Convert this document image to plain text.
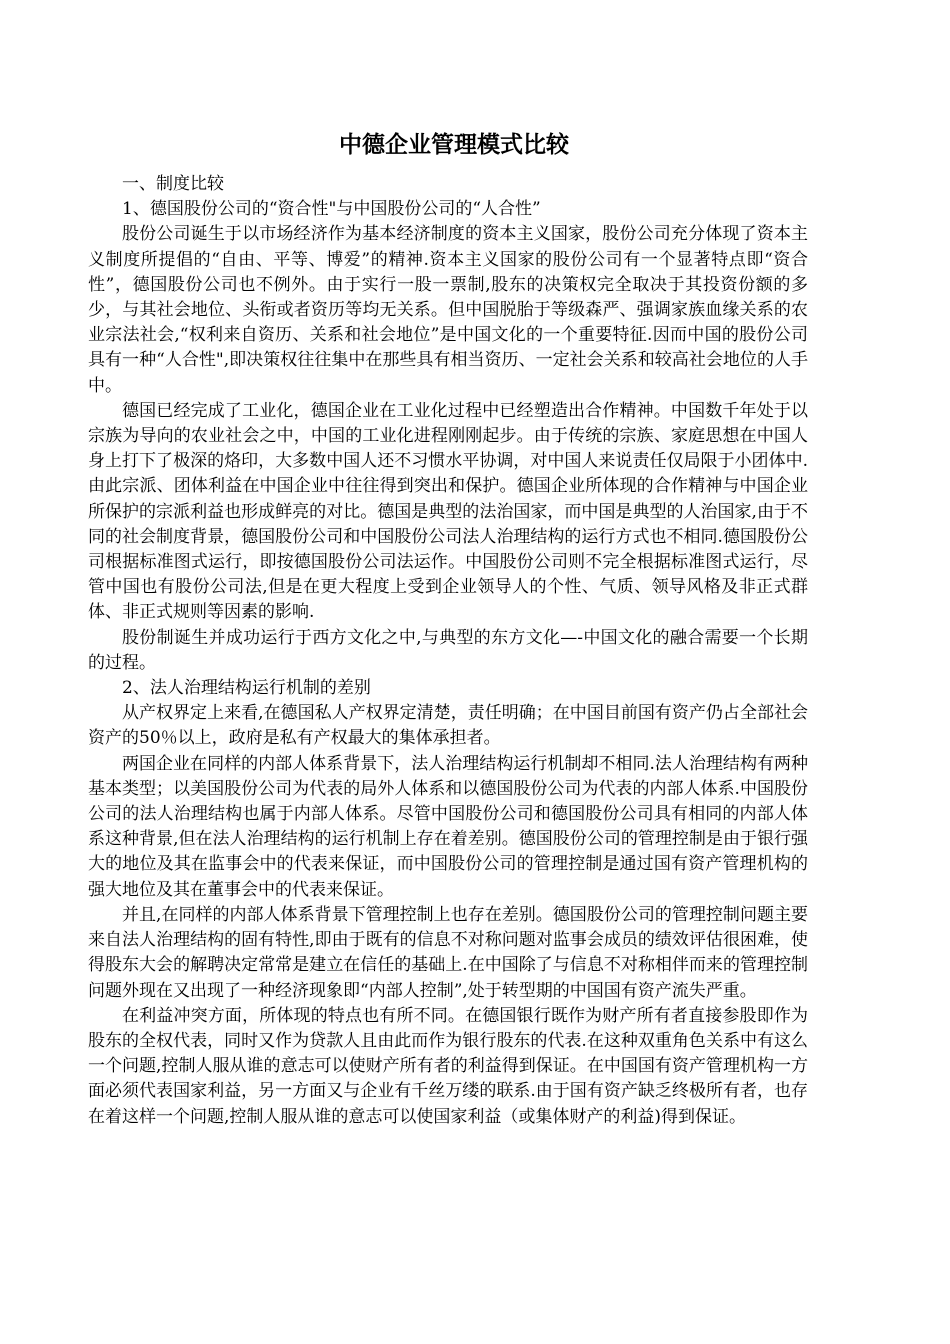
中德企业管理模式比较

一、制度比较

1、德国股份公司的“资合性"与中国股份公司的“人合性”

股份公司诞生于以市场经济作为基本经济制度的资本主义国家，股份公司充分体现了资本主义制度所提倡的“自由、平等、博爱”的精神.资本主义国家的股份公司有一个显著特点即“资合性”，德国股份公司也不例外。由于实行一股一票制,股东的决策权完全取决于其投资份额的多少，与其社会地位、头衔或者资历等均无关系。但中国脱胎于等级森严、强调家族血缘关系的农业宗法社会,“权利来自资历、关系和社会地位”是中国文化的一个重要特征.因而中国的股份公司具有一种“人合性",即决策权往往集中在那些具有相当资历、一定社会关系和较高社会地位的人手中。

德国已经完成了工业化，德国企业在工业化过程中已经塑造出合作精神。中国数千年处于以宗族为导向的农业社会之中，中国的工业化进程刚刚起步。由于传统的宗族、家庭思想在中国人身上打下了极深的烙印，大多数中国人还不习惯水平协调，对中国人来说责任仅局限于小团体中.由此宗派、团体利益在中国企业中往往得到突出和保护。德国企业所体现的合作精神与中国企业所保护的宗派利益也形成鲜亮的对比。德国是典型的法治国家，而中国是典型的人治国家,由于不同的社会制度背景，德国股份公司和中国股份公司法人治理结构的运行方式也不相同.德国股份公司根据标准图式运行，即按德国股份公司法运作。中国股份公司则不完全根据标准图式运行，尽管中国也有股份公司法,但是在更大程度上受到企业领导人的个性、气质、领导风格及非正式群体、非正式规则等因素的影响.

股份制诞生并成功运行于西方文化之中,与典型的东方文化—-中国文化的融合需要一个长期的过程。

2、法人治理结构运行机制的差别

从产权界定上来看,在德国私人产权界定清楚，责任明确；在中国目前国有资产仍占全部社会资产的50％以上，政府是私有产权最大的集体承担者。

两国企业在同样的内部人体系背景下，法人治理结构运行机制却不相同.法人治理结构有两种基本类型；以美国股份公司为代表的局外人体系和以德国股份公司为代表的内部人体系.中国股份公司的法人治理结构也属于内部人体系。尽管中国股份公司和德国股份公司具有相同的内部人体系这种背景,但在法人治理结构的运行机制上存在着差别。德国股份公司的管理控制是由于银行强大的地位及其在监事会中的代表来保证，而中国股份公司的管理控制是通过国有资产管理机构的强大地位及其在董事会中的代表来保证。

并且,在同样的内部人体系背景下管理控制上也存在差别。德国股份公司的管理控制问题主要来自法人治理结构的固有特性,即由于既有的信息不对称问题对监事会成员的绩效评估很困难，使得股东大会的解聘决定常常是建立在信任的基础上.在中国除了与信息不对称相伴而来的管理控制问题外现在又出现了一种经济现象即“内部人控制”,处于转型期的中国国有资产流失严重。

在利益冲突方面，所体现的特点也有所不同。在德国银行既作为财产所有者直接参股即作为股东的全权代表，同时又作为贷款人且由此而作为银行股东的代表.在这种双重角色关系中有这么一个问题,控制人服从谁的意志可以使财产所有者的利益得到保证。在中国国有资产管理机构一方面必须代表国家利益，另一方面又与企业有千丝万缕的联系.由于国有资产缺乏终极所有者，也存在着这样一个问题,控制人服从谁的意志可以使国家利益（或集体财产的利益)得到保证。
